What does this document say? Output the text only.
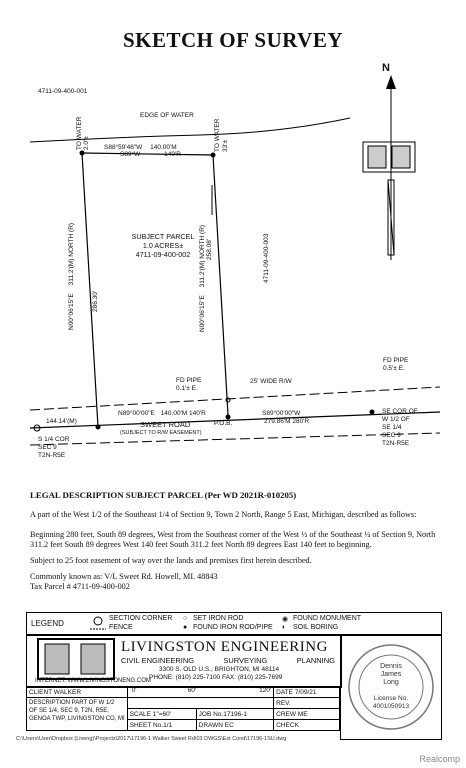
SKETCH OF SURVEY
4711-09-400-001
4711-09-400-003
EDGE OF WATER
2.0'±
TO WATER	33'±
TO WATER
S88°59'46"W 140.00'M
S89°W	140'R
SUBJECT PARCEL
1.0 ACRES±
4711-09-400-002
N00°06'15"E 311.2'(M) NORTH (R)
286.30'	N00°06'15"E 311.2'(M) NORTH (R) 258.08'
FD PIPE
0.1'± E.
FD PIPE
0.5'± E.
25' WIDE R/W
144.14'(M)
N89°00'00"E 140.00'M 140'R	S89°00'00"W
279.86'M 280'R
SWEET ROAD
(SUBJECT TO R/W EASEMENT)
P.O.B.
S 1/4 COR
SEC 9
T2N-R5E
SE COR OF
W 1/2 OF
SE 1/4
SEC 9
T2N-R5E
N
LEGAL DESCRIPTION SUBJECT PARCEL (Per WD 2021R-010205)

A part of the West 1/2 of the Southeast 1/4 of Section 9, Town 2 North, Range 5 East, Michigan, described as follows:

Beginning 280 feet, South 89 degrees, West from the Southeast corner of the West ½ of the Southeast ¼ of Section 9, North 311.2 feet South 89 degrees West 140 feet South 311.2 feet North 89 degrees East 140 feet to beginning.

Subject to 25 foot easement of way over the lands and premises first herein described.

Commonly known as: V/L Sweet Rd. Howell, MI. 48843

Tax Parcel # 4711-09-400-002

LEGEND
SECTION CORNER
FENCE
○ SET IRON ROD
● FOUND IRON ROD/PIPE
◉ FOUND MONUMENT
◐ SOIL BORING
LIVINGSTON ENGINEERING
CIVIL ENGINEERING	SURVEYING	PLANNING
3300 S. OLD U.S., BRIGHTON, MI 48114
PHONE: (810) 225-7100 FAX: (810) 225-7699
INTERNET: WWW.LIVINGSTONENG.COM
Dennis
James
Long
License No.
4001050913
CLIENT WALKER	0' 60' 120'		DATE 7/09/21

DESCRIPTION PART OF W 1/2
OF SE 1/4, SEC 9, T2N, R5E,
GENOA TWP, LIVINGSTON CO, MI			REV.
	SCALE 1"=60'	JOB No.17196-1	CREW ME
	SHEET No.1/1	DRAWN EC	CHECK
C:\Users\User\Dropbox (Liveng)\Projects\2017\17196-1 Walker Sweet Rd\03 DWGS\Est Cond\17196-1SU.dwg
Realcomp
